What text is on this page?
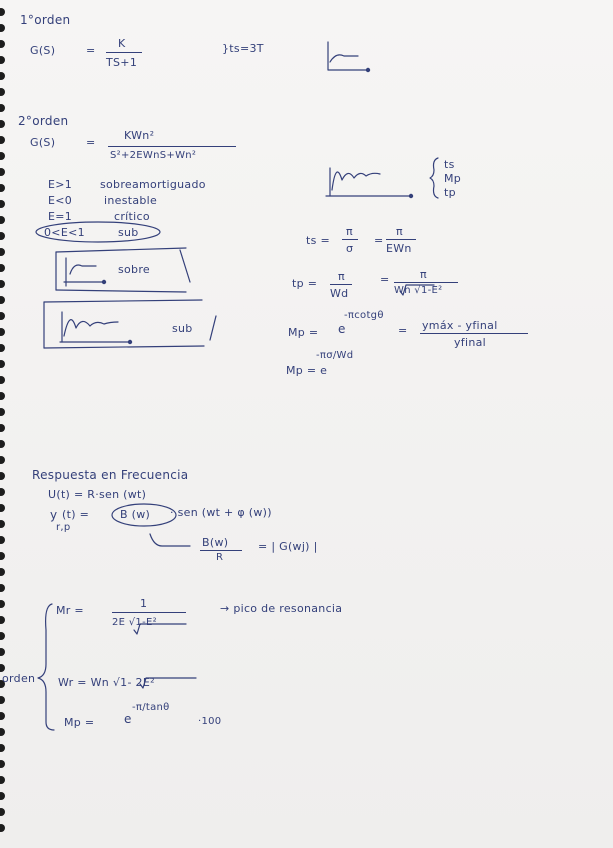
1°orden
G(S)	=
K
TS+1
}ts=3T
2°orden
G(S)	=
KWn²
S²+2EWnS+Wn²
E>1	sobreamortiguado
E<0	inestable
E=1	crítico
0<E<1	sub
sobre
sub
ts
Mp
tp
ts =
π
σ
=
π
EWn
tp =
π
Wd
=	π
Wn √1-E²
-πcotgθ
Mp = e	= ymáx - yfinal
yfinal
-πσ/Wd
Mp = e
Respuesta en Frecuencia
U(t) = R·sen (wt)
y
r,p
(t) =	B (w) · sen (wt + φ (w))
B(w)
R
= | G(wj) |
orden
Mr =
1
2E √1-E²
→ pico de resonancia
Wr = Wn √1- 2E²
Mp = e
-π/tanθ
·100
